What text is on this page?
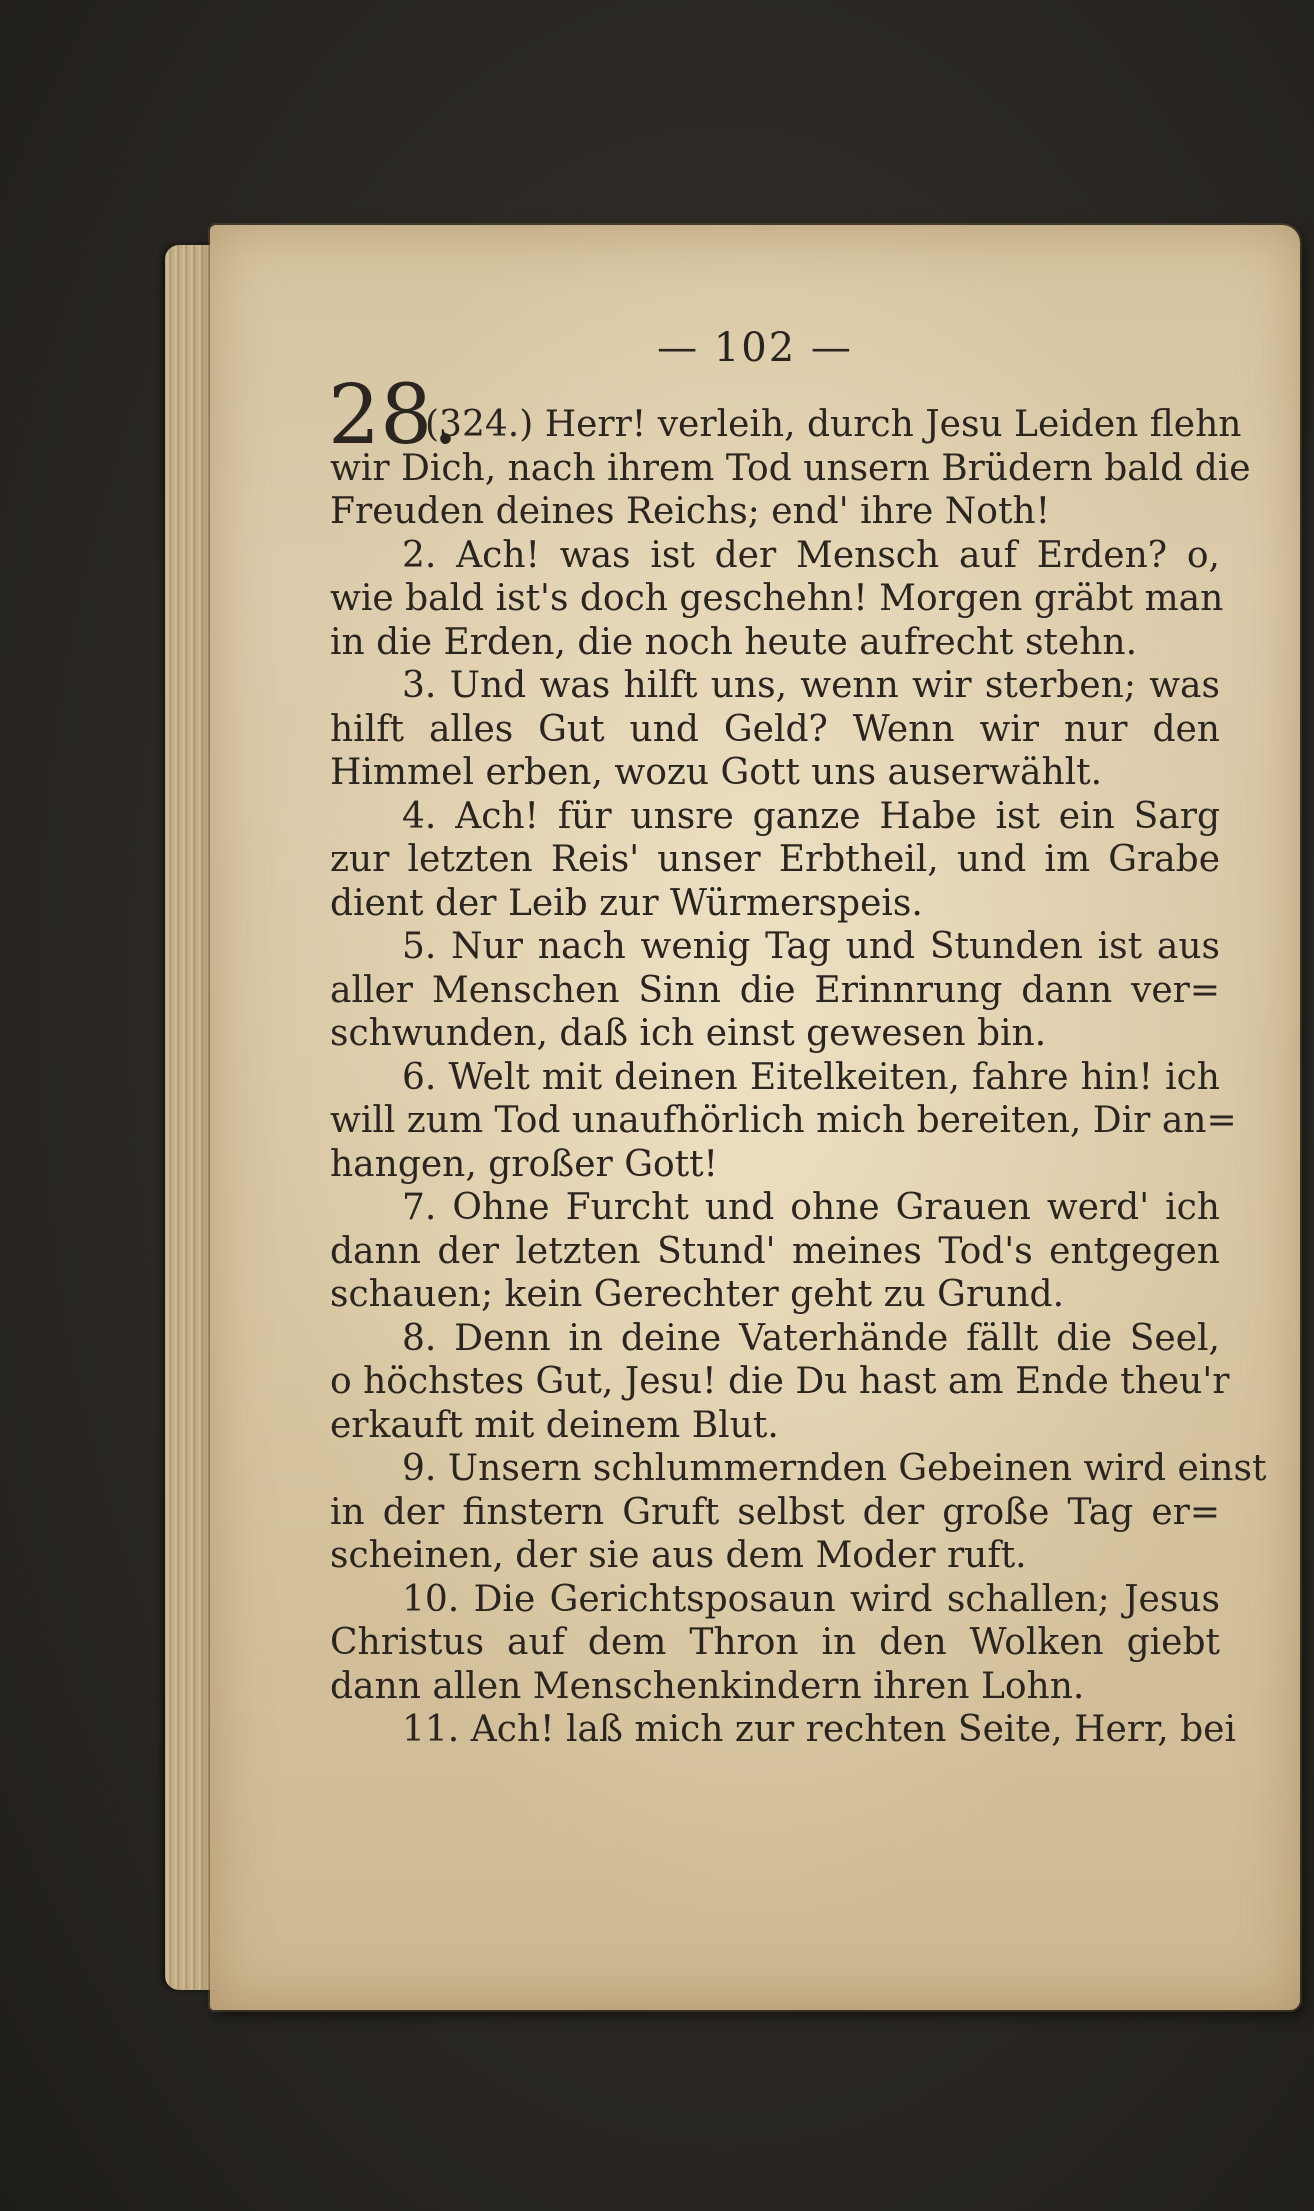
— 102 —
28.
(324.) Herr! verleih, durch Jesu Leiden flehn
wir Dich, nach ihrem Tod unsern Brüdern bald die
Freuden deines Reichs; end' ihre Noth!
2. Ach! was ist der Mensch auf Erden? o,
wie bald ist's doch geschehn! Morgen gräbt man
in die Erden, die noch heute aufrecht stehn.
3. Und was hilft uns, wenn wir sterben; was
hilft alles Gut und Geld? Wenn wir nur den
Himmel erben, wozu Gott uns auserwählt.
4. Ach! für unsre ganze Habe ist ein Sarg
zur letzten Reis' unser Erbtheil, und im Grabe
dient der Leib zur Würmerspeis.
5. Nur nach wenig Tag und Stunden ist aus
aller Menschen Sinn die Erinnrung dann ver=
schwunden, daß ich einst gewesen bin.
6. Welt mit deinen Eitelkeiten, fahre hin! ich
will zum Tod unaufhörlich mich bereiten, Dir an=
hangen, großer Gott!
7. Ohne Furcht und ohne Grauen werd' ich
dann der letzten Stund' meines Tod's entgegen
schauen; kein Gerechter geht zu Grund.
8. Denn in deine Vaterhände fällt die Seel,
o höchstes Gut, Jesu! die Du hast am Ende theu'r
erkauft mit deinem Blut.
9. Unsern schlummernden Gebeinen wird einst
in der finstern Gruft selbst der große Tag er=
scheinen, der sie aus dem Moder ruft.
10. Die Gerichtsposaun wird schallen; Jesus
Christus auf dem Thron in den Wolken giebt
dann allen Menschenkindern ihren Lohn.
11. Ach! laß mich zur rechten Seite, Herr, bei
